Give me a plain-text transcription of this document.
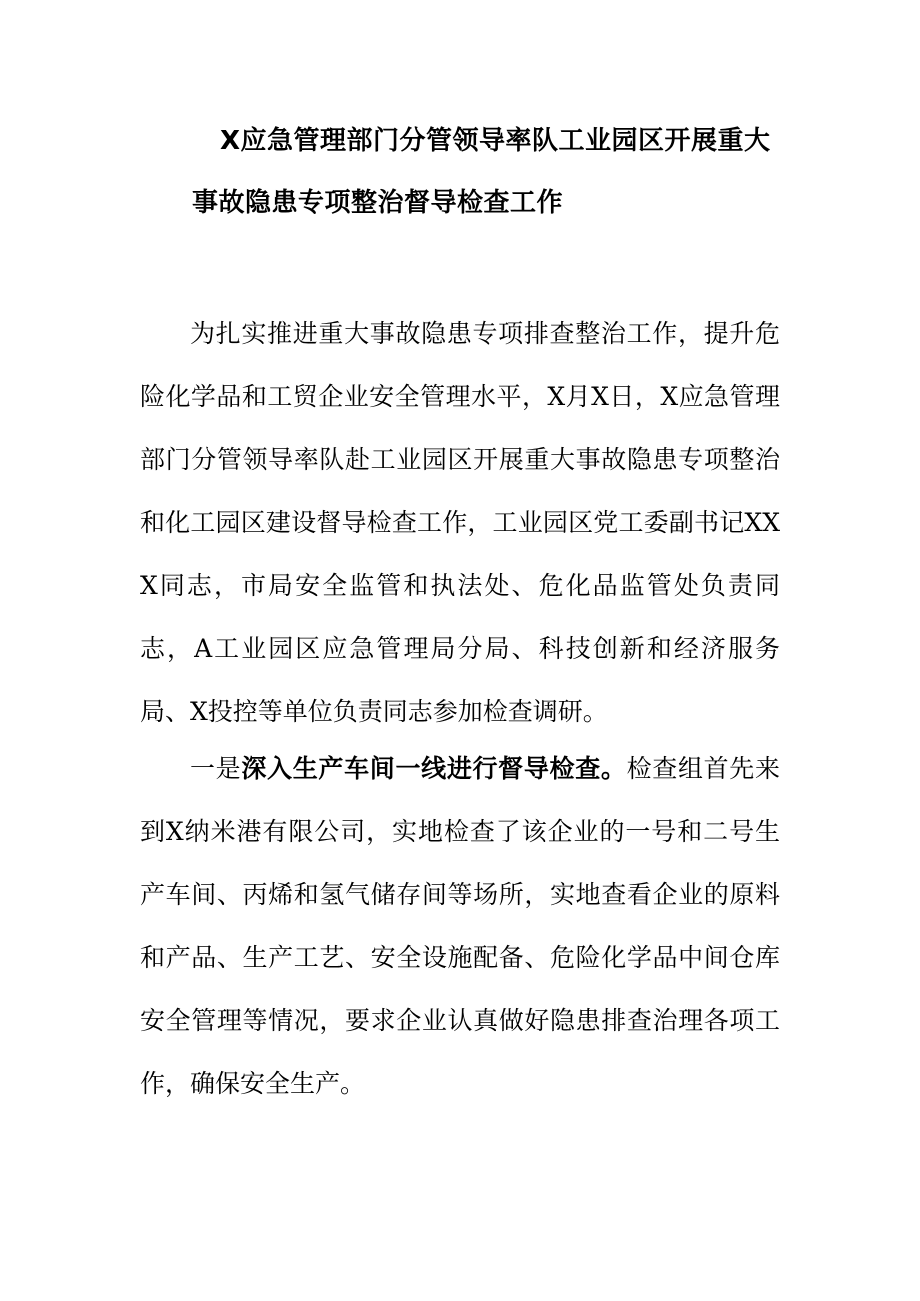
X应急管理部门分管领导率队工业园区开展重大
事故隐患专项整治督导检查工作

为扎实推进重大事故隐患专项排查整治工作，提升危险化学品和工贸企业安全管理水平，X月X日，X应急管理部门分管领导率队赴工业园区开展重大事故隐患专项整治和化工园区建设督导检查工作，工业园区党工委副书记XXX同志，市局安全监管和执法处、危化品监管处负责同志，A工业园区应急管理局分局、科技创新和经济服务局、X投控等单位负责同志参加检查调研。

一是深入生产车间一线进行督导检查。检查组首先来到X纳米港有限公司，实地检查了该企业的一号和二号生产车间、丙烯和氢气储存间等场所，实地查看企业的原料和产品、生产工艺、安全设施配备、危险化学品中间仓库安全管理等情况，要求企业认真做好隐患排查治理各项工作，确保安全生产。
